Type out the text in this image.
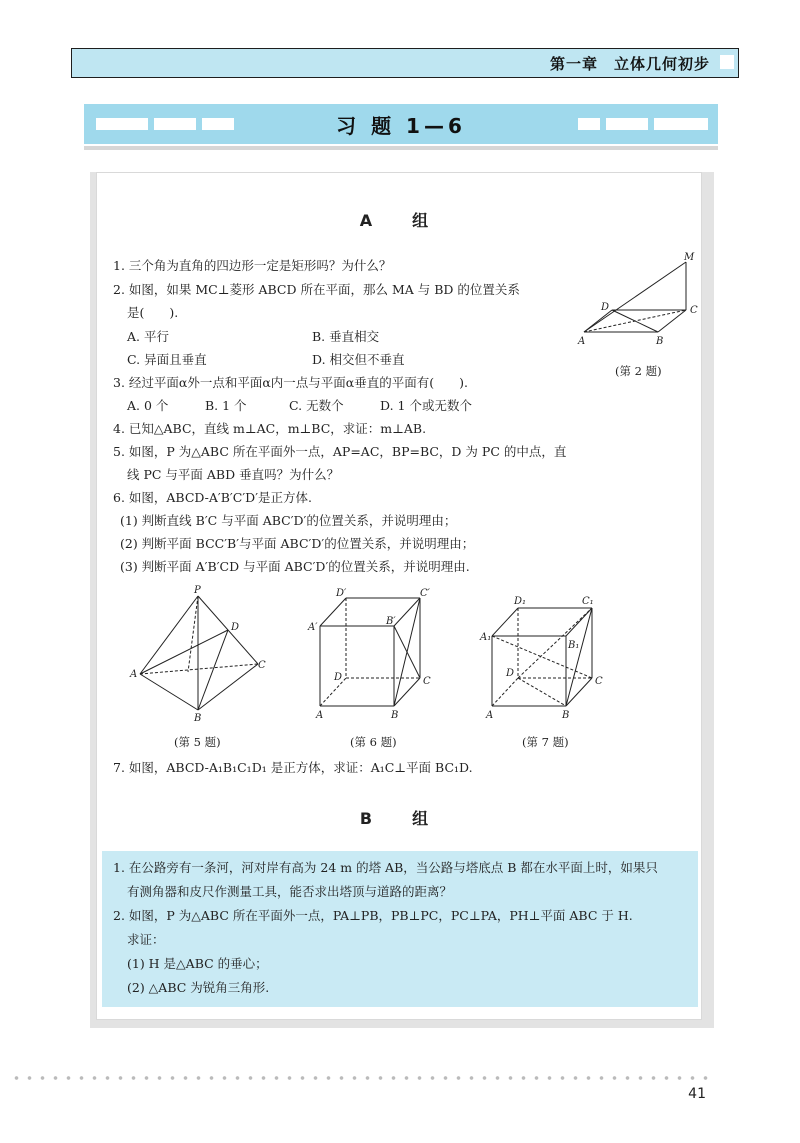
第一章　立体几何初步
习 题 1—6
A　组
1. 三个角为直角的四边形一定是矩形吗？为什么？
2. 如图，如果 MC⊥菱形 ABCD 所在平面，那么 MA 与 BD 的位置关系
是(　　).
A. 平行	B. 垂直相交
C. 异面且垂直	D. 相交但不垂直
3. 经过平面α外一点和平面α内一点与平面α垂直的平面有(　　).
A. 0 个	B. 1 个	C. 无数个	D. 1 个或无数个
4. 已知△ABC，直线 m⊥AC，m⊥BC，求证：m⊥AB.
5. 如图，P 为△ABC 所在平面外一点，AP=AC，BP=BC，D 为 PC 的中点，直
线 PC 与平面 ABD 垂直吗？为什么？
6. 如图，ABCD-A′B′C′D′是正方体.
(1) 判断直线 B′C 与平面 ABC′D′的位置关系，并说明理由；
(2) 判断平面 BCC′B′与平面 ABC′D′的位置关系，并说明理由；
(3) 判断平面 A′B′CD 与平面 ABC′D′的位置关系，并说明理由.
M
D	C
A	B
(第 2 题)
P
D
A
B
C
(第 5 题)
D′	C′
A′
B′
D	C
A	B
(第 6 题)
D₁	C₁
A₁
B₁
D
C
A	B
(第 7 题)
7. 如图，ABCD-A₁B₁C₁D₁ 是正方体，求证：A₁C⊥平面 BC₁D.
B　组
1. 在公路旁有一条河，河对岸有高为 24 m 的塔 AB，当公路与塔底点 B 都在水平面上时，如果只
有测角器和皮尺作测量工具，能否求出塔顶与道路的距离？
2. 如图，P 为△ABC 所在平面外一点，PA⊥PB，PB⊥PC，PC⊥PA，PH⊥平面 ABC 于 H.
求证：
(1) H 是△ABC 的垂心；
(2) △ABC 为锐角三角形.
41
